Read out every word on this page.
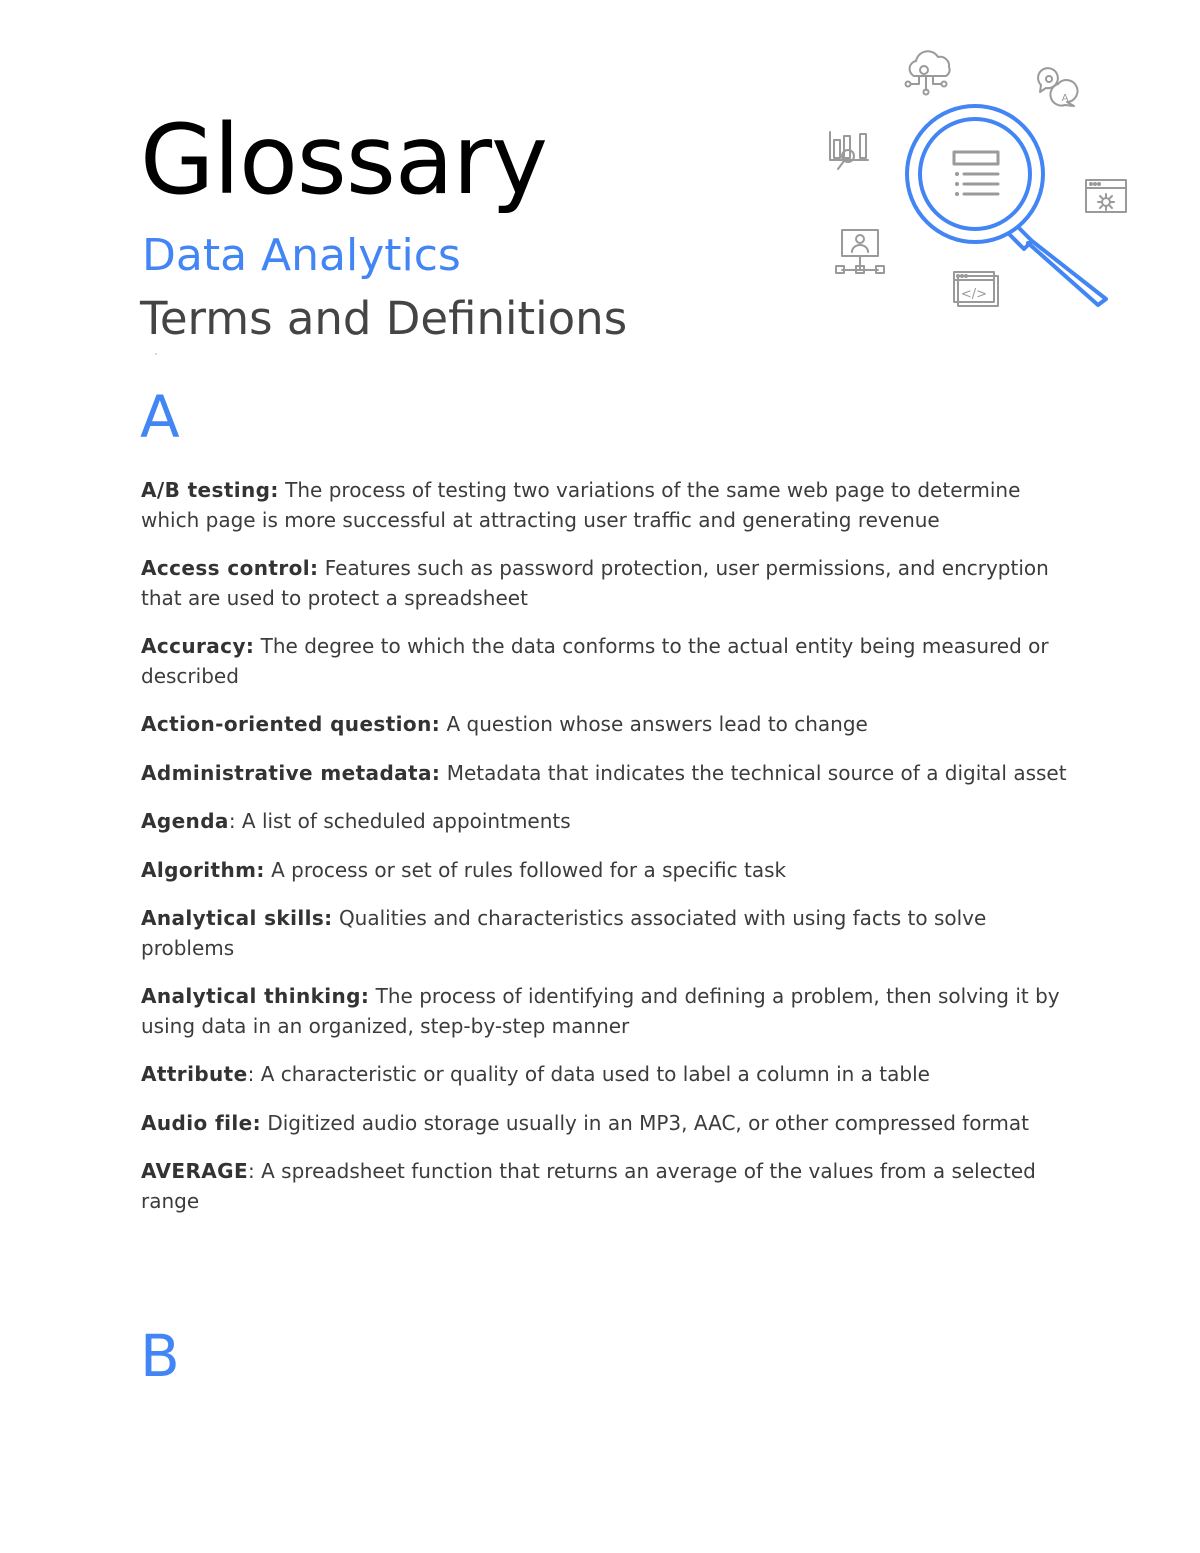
Glossary
Data Analytics
Terms and Definitions
A
</>
A

A/B testing: The process of testing two variations of the same web page to determine which page is more successful at attracting user traffic and generating revenue

Access control: Features such as password protection, user permissions, and encryption that are used to protect a spreadsheet

Accuracy: The degree to which the data conforms to the actual entity being measured or described

Action-oriented question: A question whose answers lead to change

Administrative metadata: Metadata that indicates the technical source of a digital asset

Agenda: A list of scheduled appointments

Algorithm: A process or set of rules followed for a specific task

Analytical skills: Qualities and characteristics associated with using facts to solve problems

Analytical thinking: The process of identifying and defining a problem, then solving it by using data in an organized, step-by-step manner

Attribute: A characteristic or quality of data used to label a column in a table

Audio file: Digitized audio storage usually in an MP3, AAC, or other compressed format

AVERAGE: A spreadsheet function that returns an average of the values from a selected range

B
